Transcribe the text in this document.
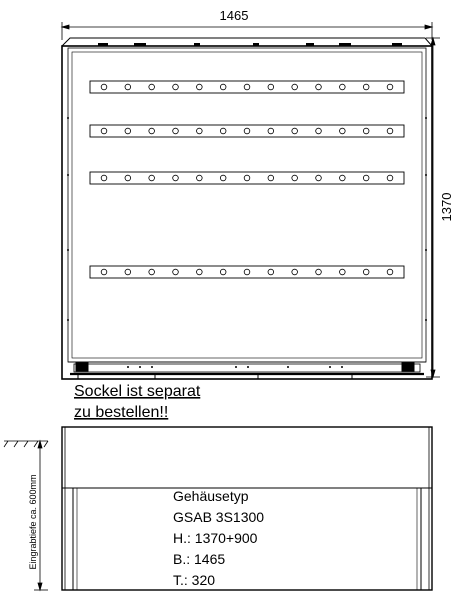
1465
1370
Sockel ist separat
zu bestellen!!
Eingrabtiefe ca. 600mm	Gehäusetyp
GSAB 3S1300
H.: 1370+900
B.: 1465
T.: 320
